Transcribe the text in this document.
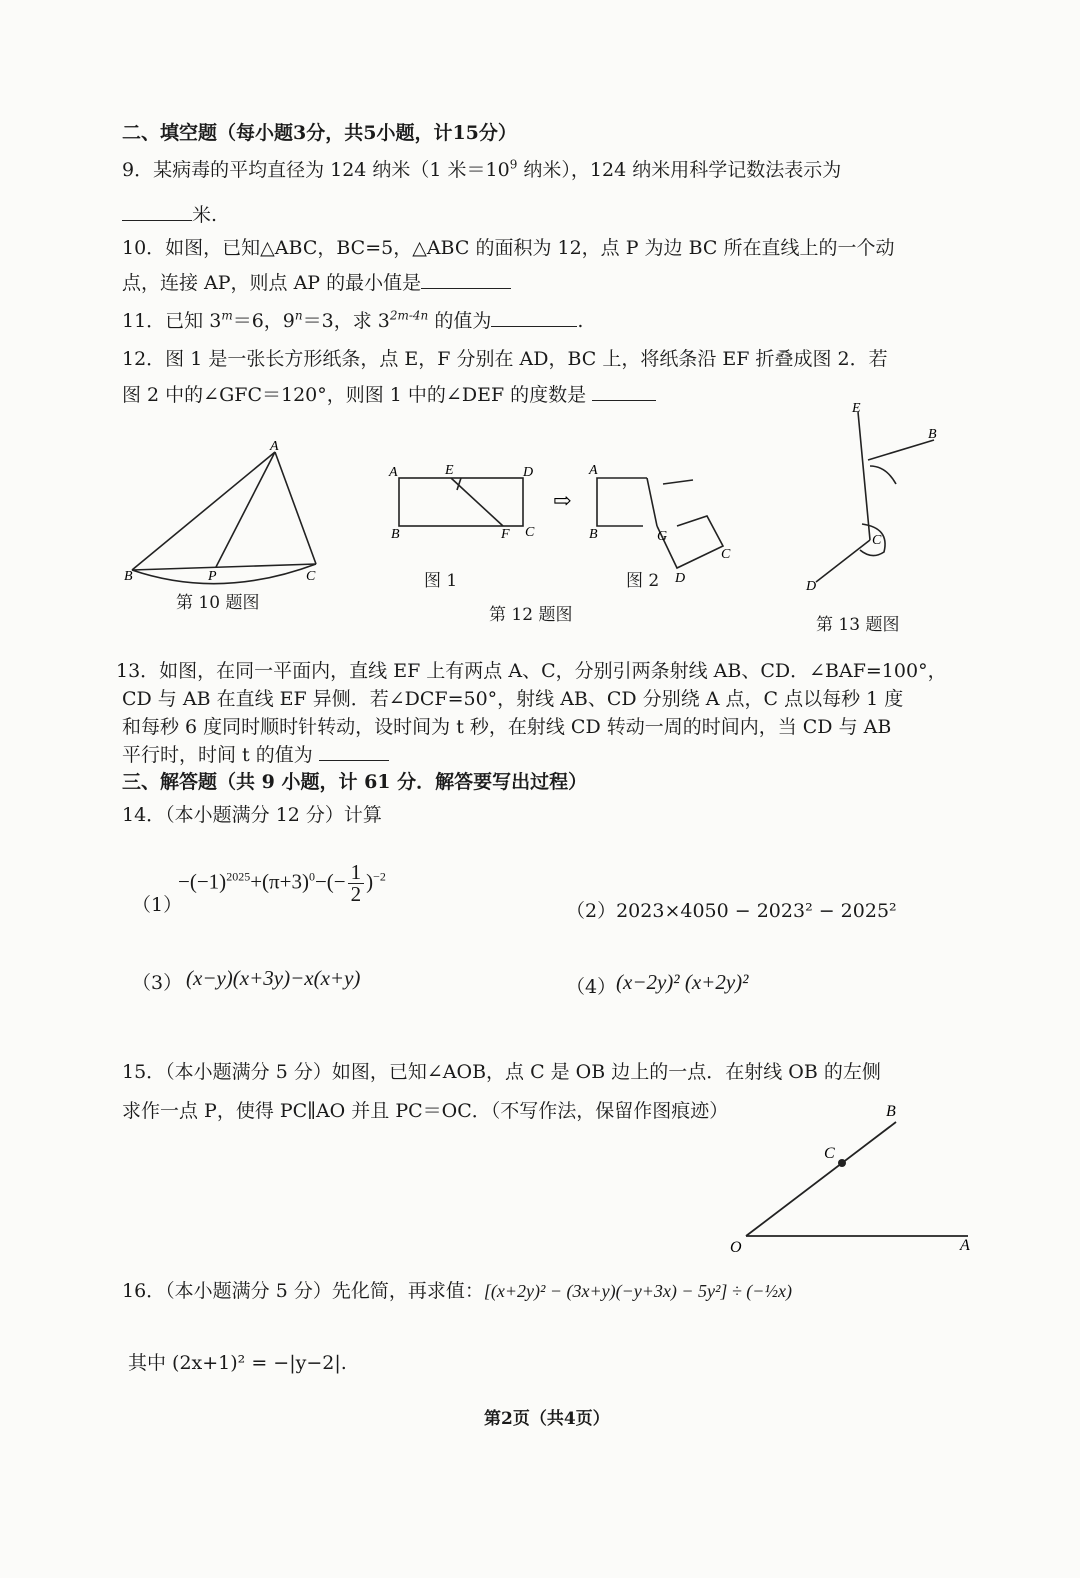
二、填空题（每小题3分，共5小题，计15分）
9．某病毒的平均直径为 124 纳米（1 米$=10^9$ 纳米），124 纳米用科学记数法表示为
米.
10．如图，已知△ABC，BC=5，△ABC 的面积为 12，点 P 为边 BC 所在直线上的一个动
点，连接 AP，则点 AP 的最小值是
11．已知 $3^m=6$，$9^n=3$，求 $3^{2m-4n}$ 的值为	.
12．图 1 是一张长方形纸条，点 E，F 分别在 AD，BC 上，将纸条沿 EF 折叠成图 2．若
图 2 中的∠GFC＝120°，则图 1 中的∠DEF 的度数是
A
B	C
P
第 10 题图
⇨
A	E	D
B	F C
A
B	G
C
D
图 1	图 2
第 12 题图
E
B
C
D
第 13 题图
13．如图，在同一平面内，直线 EF 上有两点 A、C，分别引两条射线 AB、CD．∠BAF=100°，
CD 与 AB 在直线 EF 异侧．若∠DCF=50°，射线 AB、CD 分别绕 A 点，C 点以每秒 1 度
和每秒 6 度同时顺时针转动，设时间为 t 秒，在射线 CD 转动一周的时间内，当 CD 与 AB
平行时，时间 t 的值为
三、解答题（共 9 小题，计 61 分．解答要写出过程）
14．（本小题满分 12 分）计算
（1）
$-(-1)^{2025}+(\pi+3)^0-(- \frac{1}{2} )^{-2}$
（2）2023×4050 − 2023² − 2025²
（3） (x−y)(x+3y)−x(x+y)	（4） (x−2y)² (x+2y)²
15．（本小题满分 5 分）如图，已知∠AOB，点 C 是 OB 边上的一点．在射线 OB 的左侧
求作一点 P，使得 PC∥AO 并且 PC＝OC．（不写作法，保留作图痕迹）
O	A
B
C
16．（本小题满分 5 分）先化简，再求值：[(x+2y)² − (3x+y)(−y+3x) − 5y²] ÷ (−½x)
其中 (2x+1)² = −|y−2|.
第2页（共4页）
